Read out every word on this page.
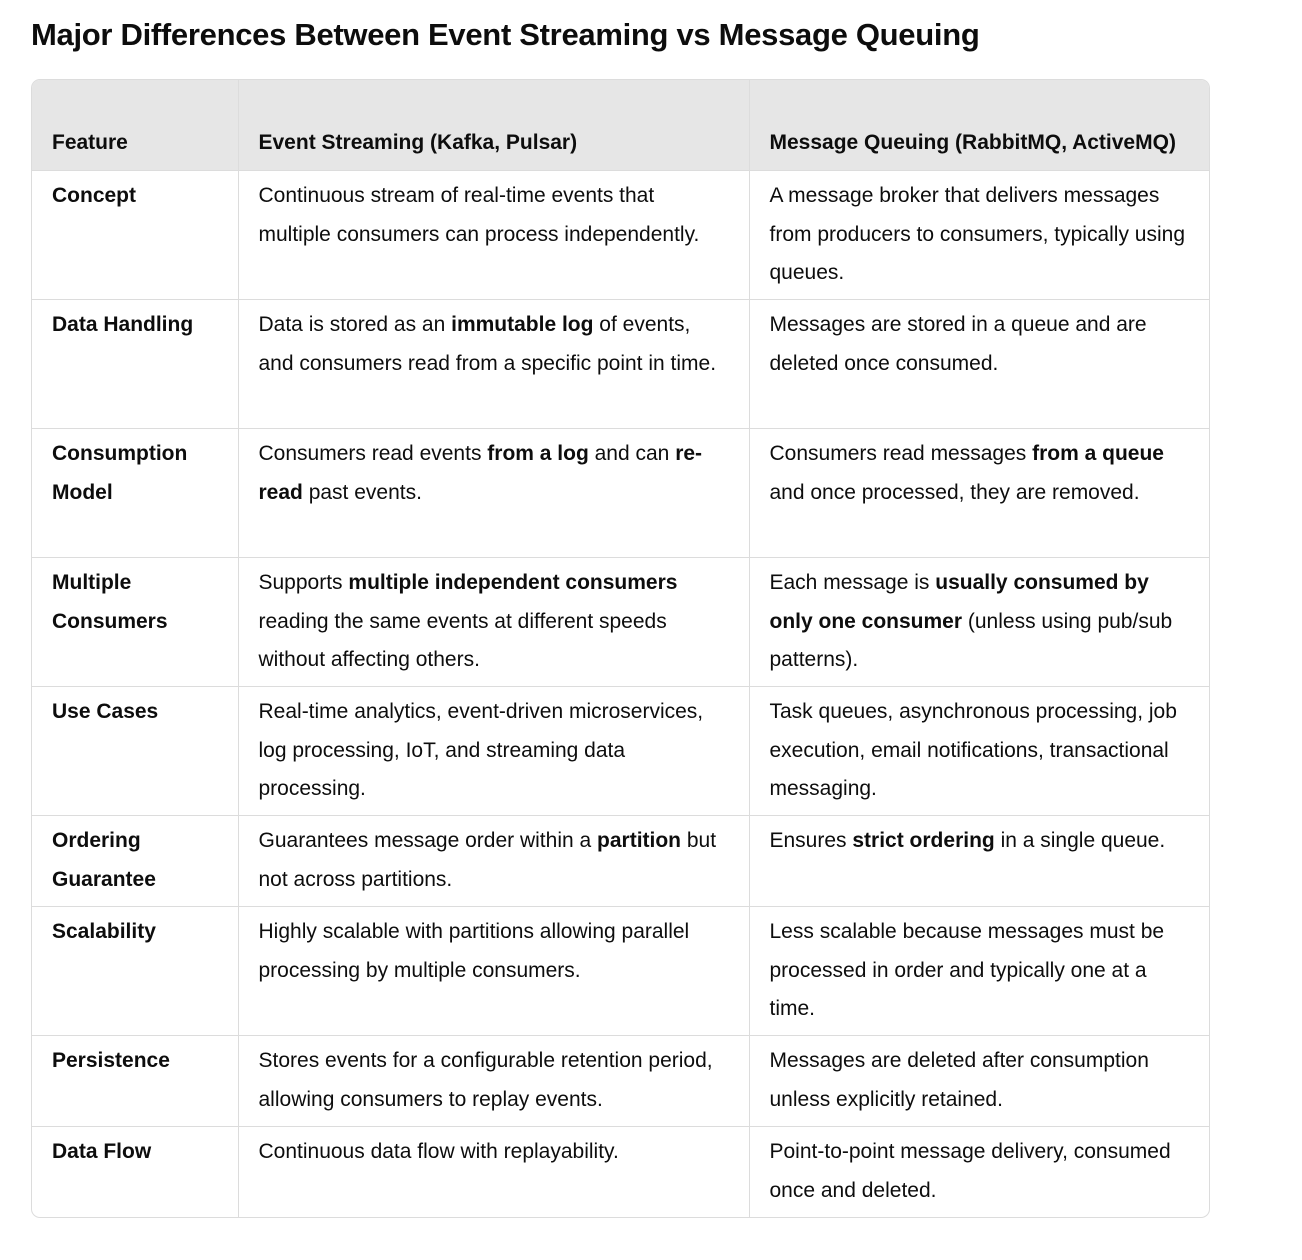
Major Differences Between Event Streaming vs Message Queuing
Feature	Event Streaming (Kafka, Pulsar)	Message Queuing (RabbitMQ, ActiveMQ)
Concept	Continuous stream of real-time events that multiple consumers can process independently.	A message broker that delivers messages from producers to consumers, typically using queues.
Data Handling	Data is stored as an immutable log of events, and consumers read from a specific point in time.	Messages are stored in a queue and are deleted once consumed.
Consumption Model	Consumers read events from a log and can re-read past events.	Consumers read messages from a queue and once processed, they are removed.
Multiple Consumers	Supports multiple independent consumers reading the same events at different speeds without affecting others.	Each message is usually consumed by only one consumer (unless using pub/sub patterns).
Use Cases	Real-time analytics, event-driven microservices, log processing, IoT, and streaming data processing.	Task queues, asynchronous processing, job execution, email notifications, transactional messaging.
Ordering Guarantee	Guarantees message order within a partition but not across partitions.	Ensures strict ordering in a single queue.
Scalability	Highly scalable with partitions allowing parallel processing by multiple consumers.	Less scalable because messages must be processed in order and typically one at a time.
Persistence	Stores events for a configurable retention period, allowing consumers to replay events.	Messages are deleted after consumption unless explicitly retained.
Data Flow	Continuous data flow with replayability.	Point-to-point message delivery, consumed once and deleted.
